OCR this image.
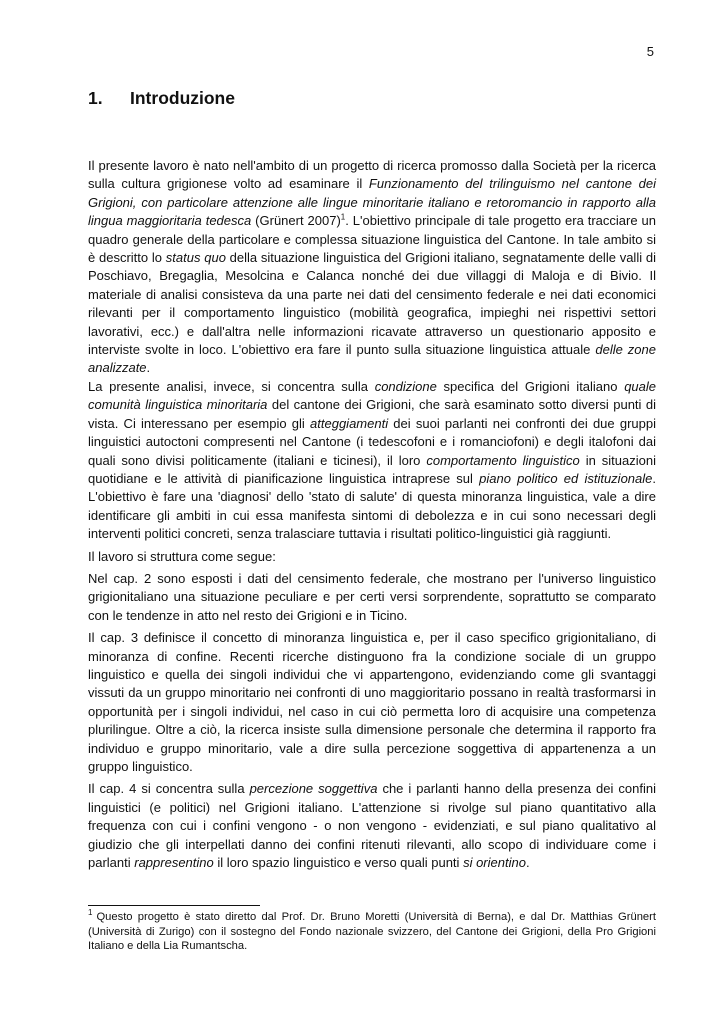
5
1.	Introduzione

Il presente lavoro è nato nell'ambito di un progetto di ricerca promosso dalla Società per la ricerca sulla cultura grigionese volto ad esaminare il Funzionamento del trilinguismo nel cantone dei Grigioni, con particolare attenzione alle lingue minoritarie italiano e retoromancio in rapporto alla lingua maggioritaria tedesca (Grünert 2007)$^1$. L'obiettivo principale di tale progetto era tracciare un quadro generale della particolare e complessa situazione linguistica del Cantone. In tale ambito si è descritto lo status quo della situazione linguistica del Grigioni italiano, segnatamente delle valli di Poschiavo, Bregaglia, Mesolcina e Calanca nonché dei due villaggi di Maloja e di Bivio. Il materiale di analisi consisteva da una parte nei dati del censimento federale e nei dati economici rilevanti per il comportamento linguistico (mobilità geografica, impieghi nei rispettivi settori lavorativi, ecc.) e dall'altra nelle informazioni ricavate attraverso un questionario apposito e interviste svolte in loco. L'obiettivo era fare il punto sulla situazione linguistica attuale delle zone analizzate.

La presente analisi, invece, si concentra sulla condizione specifica del Grigioni italiano quale comunità linguistica minoritaria del cantone dei Grigioni, che sarà esaminato sotto diversi punti di vista. Ci interessano per esempio gli atteggiamenti dei suoi parlanti nei confronti dei due gruppi linguistici autoctoni compresenti nel Cantone (i tedescofoni e i romanciofoni) e degli italofoni dai quali sono divisi politicamente (italiani e ticinesi), il loro comportamento linguistico in situazioni quotidiane e le attività di pianificazione linguistica intraprese sul piano politico ed istituzionale. L'obiettivo è fare una 'diagnosi' dello 'stato di salute' di questa minoranza linguistica, vale a dire identificare gli ambiti in cui essa manifesta sintomi di debolezza e in cui sono necessari degli interventi politici concreti, senza tralasciare tuttavia i risultati politico-linguistici già raggiunti.

Il lavoro si struttura come segue:

Nel cap. 2 sono esposti i dati del censimento federale, che mostrano per l'universo linguistico grigionitaliano una situazione peculiare e per certi versi sorprendente, soprattutto se comparato con le tendenze in atto nel resto dei Grigioni e in Ticino.

Il cap. 3 definisce il concetto di minoranza linguistica e, per il caso specifico grigionitaliano, di minoranza di confine. Recenti ricerche distinguono fra la condizione sociale di un gruppo linguistico e quella dei singoli individui che vi appartengono, evidenziando come gli svantaggi vissuti da un gruppo minoritario nei confronti di uno maggioritario possano in realtà trasformarsi in opportunità per i singoli individui, nel caso in cui ciò permetta loro di acquisire una competenza plurilingue. Oltre a ciò, la ricerca insiste sulla dimensione personale che determina il rapporto fra individuo e gruppo minoritario, vale a dire sulla percezione soggettiva di appartenenza a un gruppo linguistico.

Il cap. 4 si concentra sulla percezione soggettiva che i parlanti hanno della presenza dei confini linguistici (e politici) nel Grigioni italiano. L'attenzione si rivolge sul piano quantitativo alla frequenza con cui i confini vengono - o non vengono - evidenziati, e sul piano qualitativo al giudizio che gli interpellati danno dei confini ritenuti rilevanti, allo scopo di individuare come i parlanti rappresentino il loro spazio linguistico e verso quali punti si orientino.

$^1$ Questo progetto è stato diretto dal Prof. Dr. Bruno Moretti (Università di Berna), e dal Dr. Matthias Grünert (Università di Zurigo) con il sostegno del Fondo nazionale svizzero, del Cantone dei Grigioni, della Pro Grigioni Italiano e della Lia Rumantscha.
